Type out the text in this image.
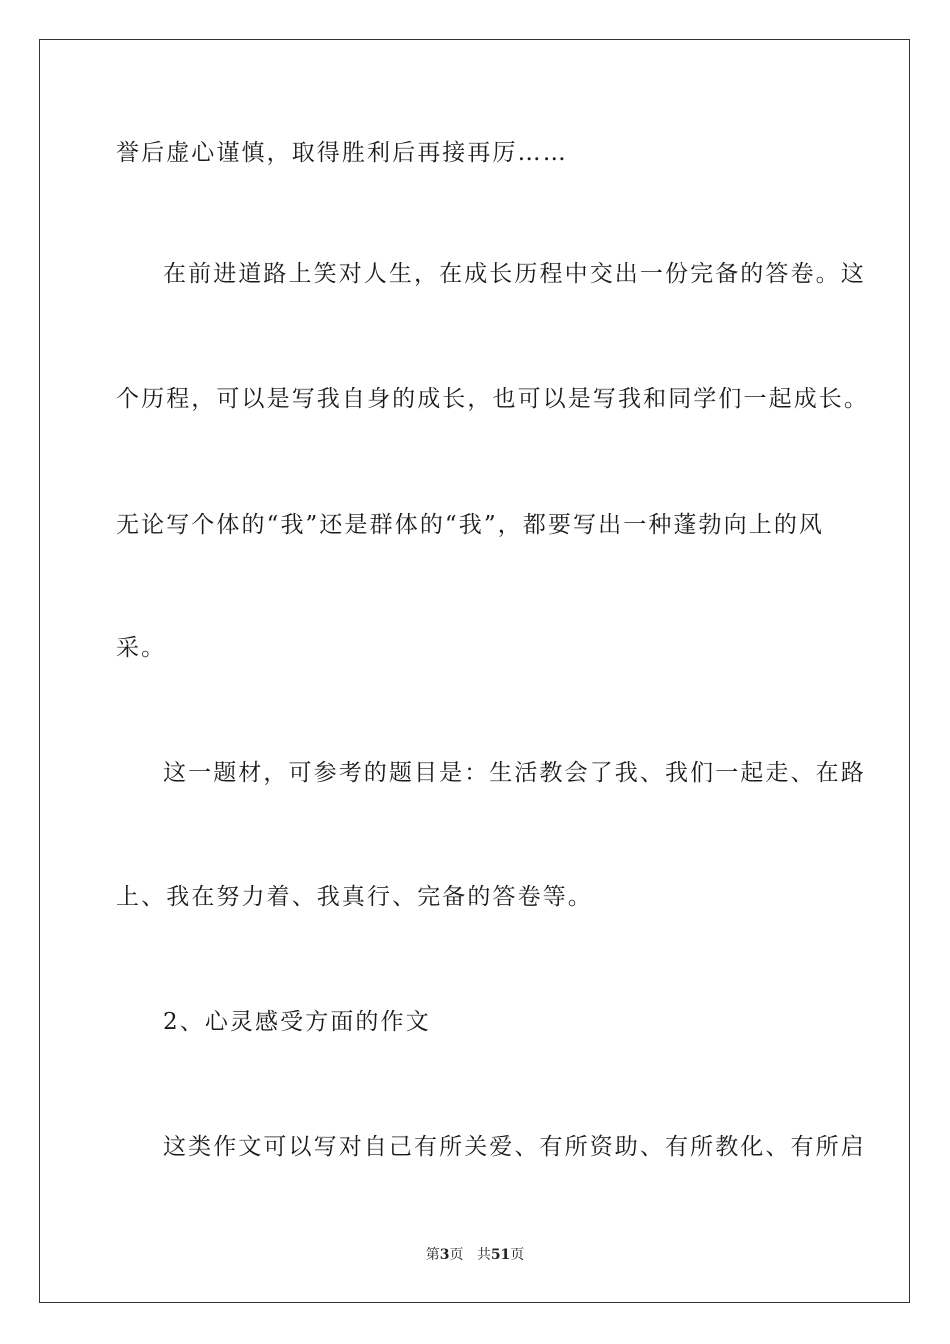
誉后虚心谨慎，取得胜利后再接再厉……
在前进道路上笑对人生，在成长历程中交出一份完备的答卷。这
个历程，可以是写我自身的成长，也可以是写我和同学们一起成长。
无论写个体的“我”还是群体的“我”，都要写出一种蓬勃向上的风
采。
这一题材，可参考的题目是：生活教会了我、我们一起走、在路
上、我在努力着、我真行、完备的答卷等。
2、心灵感受方面的作文
这类作文可以写对自己有所关爱、有所资助、有所教化、有所启
第3页 共51页
